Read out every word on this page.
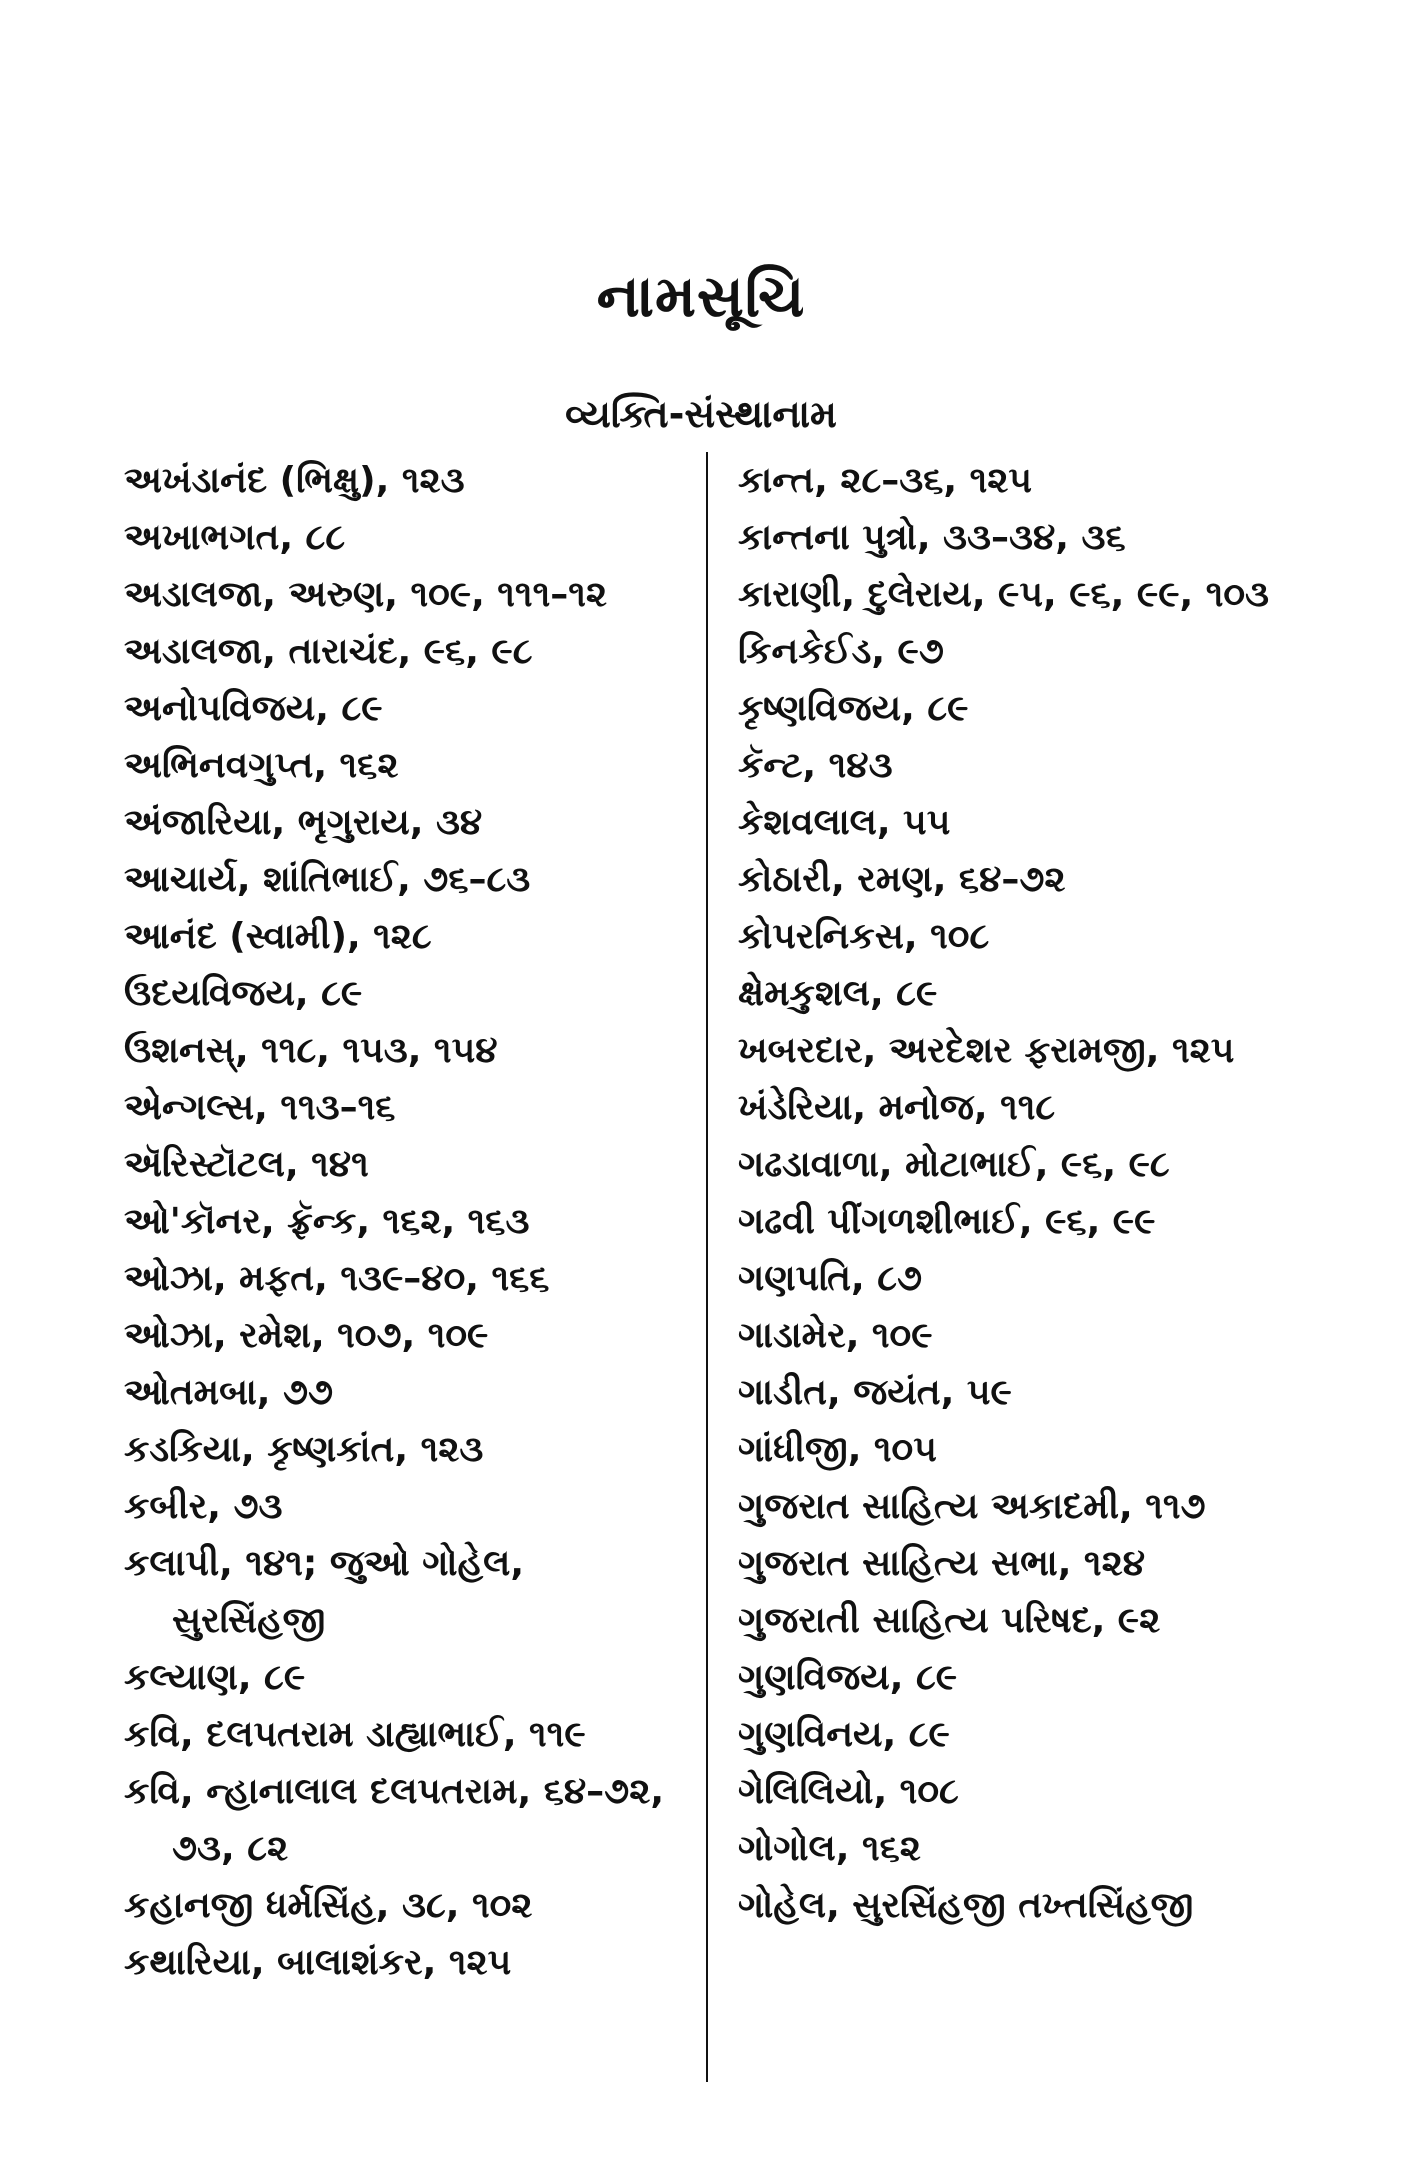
નામસૂચિ
વ્યક્તિ-સંસ્થાનામ

અખંડાનંદ (ભિક્ષુ), ૧૨૩

અખાભગત, ૮૮

અડાલજા, અરુણ, ૧૦૯, ૧૧૧–૧૨

અડાલજા, તારાચંદ, ૯૬, ૯૮

અનોપવિજય, ૮૯

અભિનવગુપ્ત, ૧૬૨

અંજારિયા, ભૃગુરાય, ૩૪

આચાર્ય, શાંતિભાઈ, ૭૬–૮૩

આનંદ (સ્વામી), ૧૨૮

ઉદયવિજય, ૮૯

ઉશનસ્, ૧૧૮, ૧૫૩, ૧૫૪

એન્ગલ્સ, ૧૧૩–૧૬

ઍરિસ્ટૉટલ, ૧૪૧

ઓ'કૉનર, ફ્રૅન્ક, ૧૬૨, ૧૬૩

ઓઝા, મફત, ૧૩૯–૪૦, ૧૬૬

ઓઝા, રમેશ, ૧૦૭, ૧૦૯

ઓતમબા, ૭૭

કડકિયા, કૃષ્ણકાંત, ૧૨૩

કબીર, ૭૩

કલાપી, ૧૪૧; જુઓ ગોહેલ, સુરસિંહજી

કલ્યાણ, ૮૯

કવિ, દલપતરામ ડાહ્યાભાઈ, ૧૧૯

કવિ, ન્હાનાલાલ દલપતરામ, ૬૪–૭૨, ૭૩, ૮૨

કહાનજી ધર્મસિંહ, ૩૮, ૧૦૨

કથારિયા, બાલાશંકર, ૧૨૫

કાન્ત, ૨૮–૩૬, ૧૨૫

કાન્તના પુત્રો, ૩૩–૩૪, ૩૬

કારાણી, દુલેરાય, ૯૫, ૯૬, ૯૯, ૧૦૩

કિનકેઈડ, ૯૭

કૃષ્ણવિજય, ૮૯

કૅન્ટ, ૧૪૩

કેશવલાલ, ૫૫

કોઠારી, રમણ, ૬૪–૭૨

કોપરનિકસ, ૧૦૮

ક્ષેમકુશલ, ૮૯

ખબરદાર, અરદેશર ફરામજી, ૧૨૫

ખંડેરિયા, મનોજ, ૧૧૮

ગઢડાવાળા, મોટાભાઈ, ૯૬, ૯૮

ગઢવી પીંગળશીભાઈ, ૯૬, ૯૯

ગણપતિ, ૮૭

ગાડામેર, ૧૦૯

ગાડીત, જયંત, ૫૯

ગાંધીજી, ૧૦૫

ગુજરાત સાહિત્ય અકાદમી, ૧૧૭

ગુજરાત સાહિત્ય સભા, ૧૨૪

ગુજરાતી સાહિત્ય પરિષદ, ૯૨

ગુણવિજય, ૮૯

ગુણવિનય, ૮૯

ગેલિલિયો, ૧૦૮

ગોગોલ, ૧૬૨

ગોહેલ, સુરસિંહજી તખ્તસિંહજી
